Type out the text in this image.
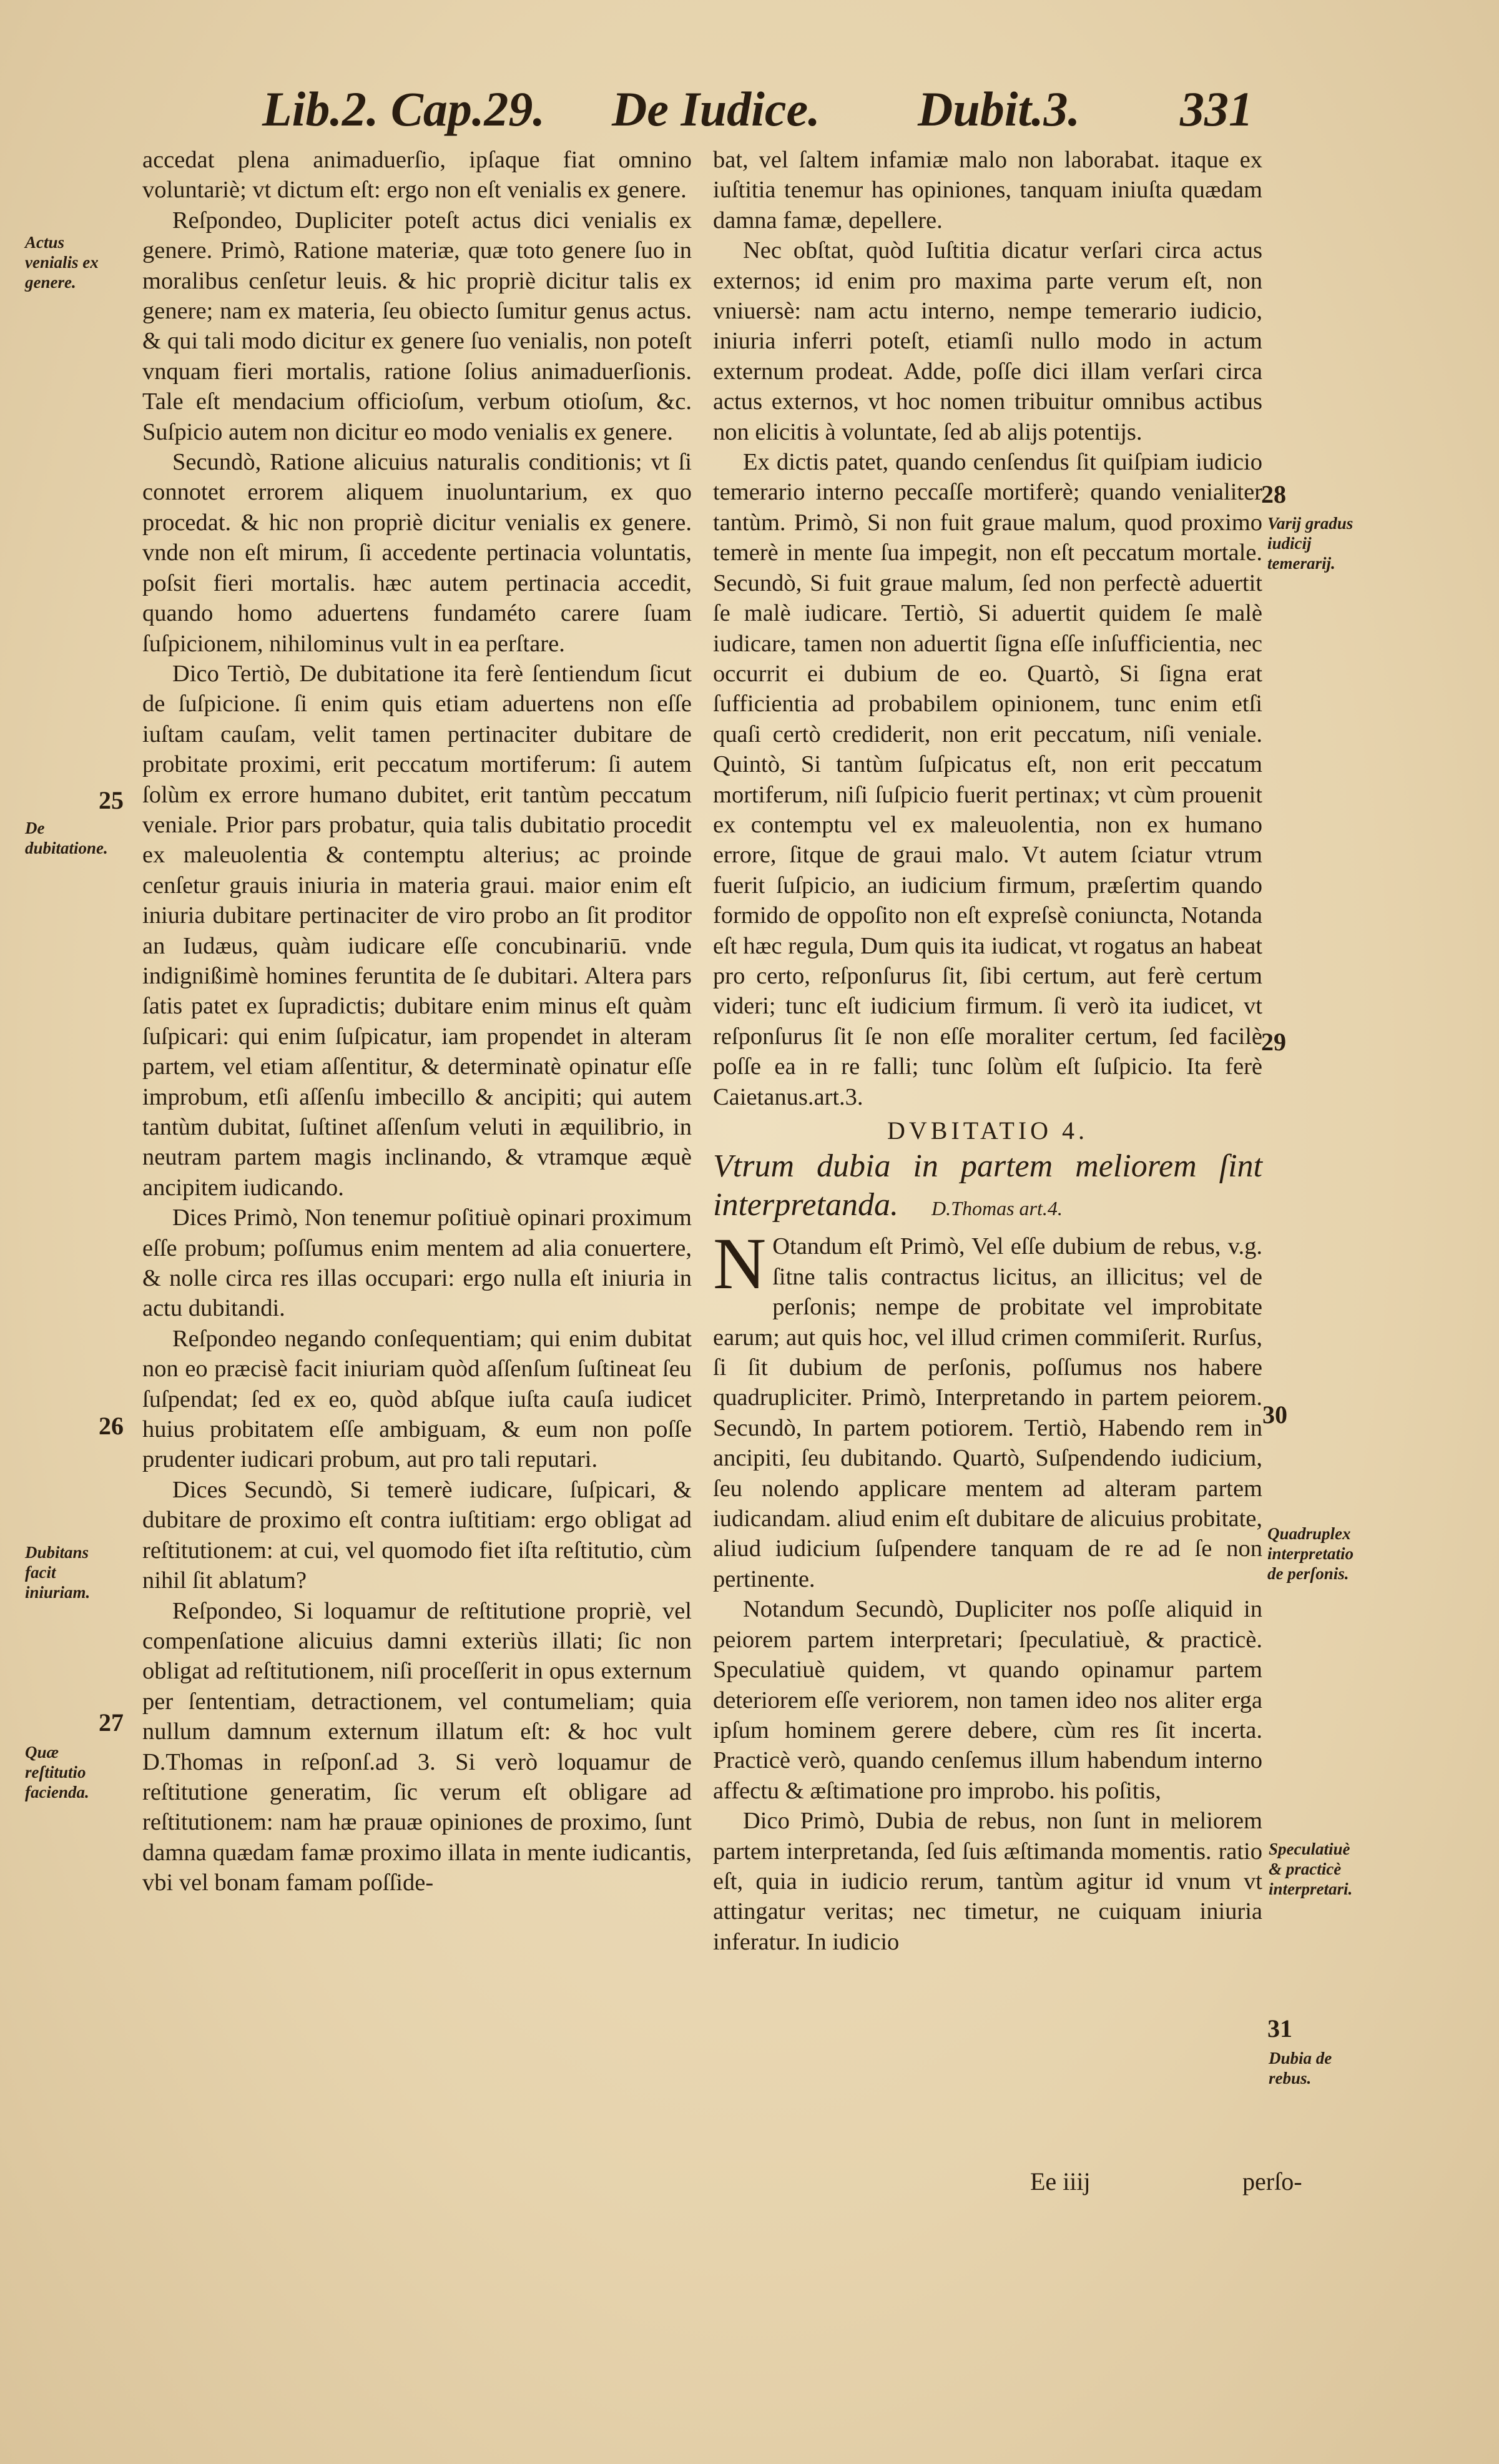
Lib.2. Cap.29. De Iudice. Dubit.3. 331
Actus venialis ex genere.
25
De dubitatione.
26
Dubitans facit iniuriam.
27
Quæ reſtitutio facienda.
28
Varij gradus iudicij temerarij.
29
30
Quadruplex interpretatio de perſonis.
Speculatiuè & practicè interpretari.
31
Dubia de rebus.

accedat plena animaduerſio, ipſaque fiat omnino voluntariè; vt dictum eſt: ergo non eſt venialis ex genere.

Reſpondeo, Dupliciter poteſt actus dici venialis ex genere. Primò, Ratione materiæ, quæ toto genere ſuo in moralibus cenſetur leuis. & hic propriè dicitur talis ex genere; nam ex materia, ſeu obiecto ſumitur genus actus. & qui tali modo dicitur ex genere ſuo venialis, non poteſt vnquam fieri mortalis, ratione ſolius animaduerſionis. Tale eſt mendacium officioſum, verbum otioſum, &c. Suſpicio autem non dicitur eo modo venialis ex genere.

Secundò, Ratione alicuius naturalis conditionis; vt ſi connotet errorem aliquem inuoluntarium, ex quo procedat. & hic non propriè dicitur venialis ex genere. vnde non eſt mirum, ſi accedente pertinacia voluntatis, poſsit fieri mortalis. hæc autem pertinacia accedit, quando homo aduertens fundaméto carere ſuam ſuſpicionem, nihilominus vult in ea perſtare.

Dico Tertiò, De dubitatione ita ferè ſentiendum ſicut de ſuſpicione. ſi enim quis etiam aduertens non eſſe iuſtam cauſam, velit tamen pertinaciter dubitare de probitate proximi, erit peccatum mortiferum: ſi autem ſolùm ex errore humano dubitet, erit tantùm peccatum veniale. Prior pars probatur, quia talis dubitatio procedit ex maleuolentia & contemptu alterius; ac proinde cenſetur grauis iniuria in materia graui. maior enim eſt iniuria dubitare pertinaciter de viro probo an ſit proditor an Iudæus, quàm iudicare eſſe concubinariū. vnde indignißimè homines feruntita de ſe dubitari. Altera pars ſatis patet ex ſupradictis; dubitare enim minus eſt quàm ſuſpicari: qui enim ſuſpicatur, iam propendet in alteram partem, vel etiam aſſentitur, & determinatè opinatur eſſe improbum, etſi aſſenſu imbecillo & ancipiti; qui autem tantùm dubitat, ſuſtinet aſſenſum veluti in æquilibrio, in neutram partem magis inclinando, & vtramque æquè ancipitem iudicando.

Dices Primò, Non tenemur poſitiuè opinari proximum eſſe probum; poſſumus enim mentem ad alia conuertere, & nolle circa res illas occupari: ergo nulla eſt iniuria in actu dubitandi.

Reſpondeo negando conſequentiam; qui enim dubitat non eo præcisè facit iniuriam quòd aſſenſum ſuſtineat ſeu ſuſpendat; ſed ex eo, quòd abſque iuſta cauſa iudicet huius probitatem eſſe ambiguam, & eum non poſſe prudenter iudicari probum, aut pro tali reputari.

Dices Secundò, Si temerè iudicare, ſuſpicari, & dubitare de proximo eſt contra iuſtitiam: ergo obligat ad reſtitutionem: at cui, vel quomodo fiet iſta reſtitutio, cùm nihil ſit ablatum?

Reſpondeo, Si loquamur de reſtitutione propriè, vel compenſatione alicuius damni exteriùs illati; ſic non obligat ad reſtitutionem, niſi proceſſerit in opus externum per ſententiam, detractionem, vel contumeliam; quia nullum damnum externum illatum eſt: & hoc vult D.Thomas in reſponſ.ad 3. Si verò loquamur de reſtitutione generatim, ſic verum eſt obligare ad reſtitutionem: nam hæ prauæ opiniones de proximo, ſunt damna quædam famæ proximo illata in mente iudicantis, vbi vel bonam famam poſſide-

bat, vel ſaltem infamiæ malo non laborabat. itaque ex iuſtitia tenemur has opiniones, tanquam iniuſta quædam damna famæ, depellere.

Nec obſtat, quòd Iuſtitia dicatur verſari circa actus externos; id enim pro maxima parte verum eſt, non vniuersè: nam actu interno, nempe temerario iudicio, iniuria inferri poteſt, etiamſi nullo modo in actum externum prodeat. Adde, poſſe dici illam verſari circa actus externos, vt hoc nomen tribuitur omnibus actibus non elicitis à voluntate, ſed ab alijs potentijs.

Ex dictis patet, quando cenſendus ſit quiſpiam iudicio temerario interno peccaſſe mortiferè; quando venialiter tantùm. Primò, Si non fuit graue malum, quod proximo temerè in mente ſua impegit, non eſt peccatum mortale. Secundò, Si fuit graue malum, ſed non perfectè aduertit ſe malè iudicare. Tertiò, Si aduertit quidem ſe malè iudicare, tamen non aduertit ſigna eſſe inſufficientia, nec occurrit ei dubium de eo. Quartò, Si ſigna erat ſufficientia ad probabilem opinionem, tunc enim etſi quaſi certò crediderit, non erit peccatum, niſi veniale. Quintò, Si tantùm ſuſpicatus eſt, non erit peccatum mortiferum, niſi ſuſpicio fuerit pertinax; vt cùm prouenit ex contemptu vel ex maleuolentia, non ex humano errore, ſitque de graui malo. Vt autem ſciatur vtrum fuerit ſuſpicio, an iudicium firmum, præſertim quando formido de oppoſito non eſt expreſsè coniuncta, Notanda eſt hæc regula, Dum quis ita iudicat, vt rogatus an habeat pro certo, reſponſurus ſit, ſibi certum, aut ferè certum videri; tunc eſt iudicium firmum. ſi verò ita iudicet, vt reſponſurus ſit ſe non eſſe moraliter certum, ſed facilè poſſe ea in re falli; tunc ſolùm eſt ſuſpicio. Ita ferè Caietanus.art.3.

DVBITATIO 4.
Vtrum dubia in partem meliorem ſint interpretanda. D.Thomas art.4.

N Otandum eſt Primò, Vel eſſe dubium de rebus, v.g. ſitne talis contractus licitus, an illicitus; vel de perſonis; nempe de probitate vel improbitate earum; aut quis hoc, vel illud crimen commiſerit. Rurſus, ſi ſit dubium de perſonis, poſſumus nos habere quadrupliciter. Primò, Interpretando in partem peiorem. Secundò, In partem potiorem. Tertiò, Habendo rem in ancipiti, ſeu dubitando. Quartò, Suſpendendo iudicium, ſeu nolendo applicare mentem ad alteram partem iudicandam. aliud enim eſt dubitare de alicuius probitate, aliud iudicium ſuſpendere tanquam de re ad ſe non pertinente.

Notandum Secundò, Dupliciter nos poſſe aliquid in peiorem partem interpretari; ſpeculatiuè, & practicè. Speculatiuè quidem, vt quando opinamur partem deteriorem eſſe veriorem, non tamen ideo nos aliter erga ipſum hominem gerere debere, cùm res ſit incerta. Practicè verò, quando cenſemus illum habendum interno affectu & æſtimatione pro improbo. his poſitis,

Dico Primò, Dubia de rebus, non ſunt in meliorem partem interpretanda, ſed ſuis æſtimanda momentis. ratio eſt, quia in iudicio rerum, tantùm agitur id vnum vt attingatur veritas; nec timetur, ne cuiquam iniuria inferatur. In iudicio

Ee iiij	perſo-
